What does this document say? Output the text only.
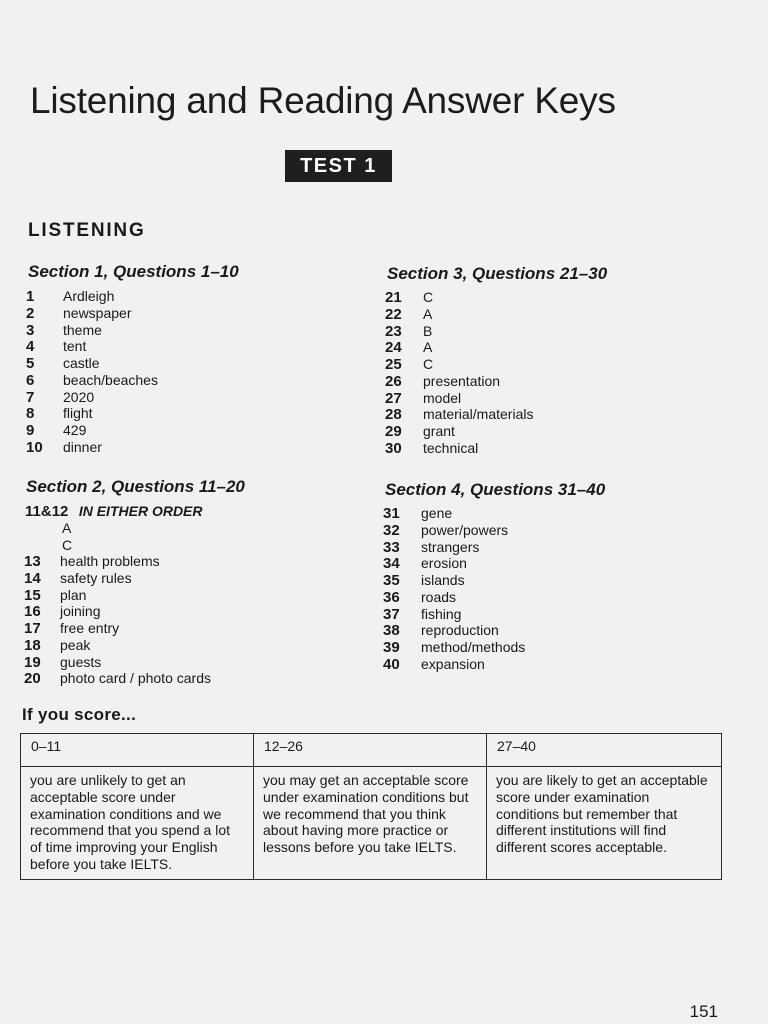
Listening and Reading Answer Keys
TEST 1
LISTENING
Section 1, Questions 1–10
1	Ardleigh
2	newspaper
3	theme
4	tent
5	castle
6	beach/beaches
7	2020
8	flight
9	429
10	dinner
Section 2, Questions 11–20
11&12 IN EITHER ORDER
A
C
13	health problems
14	safety rules
15	plan
16	joining
17	free entry
18	peak
19	guests
20	photo card / photo cards
Section 3, Questions 21–30
21	C
22	A
23	B
24	A
25	C
26	presentation
27	model
28	material/materials
29	grant
30	technical
Section 4, Questions 31–40
31	gene
32	power/powers
33	strangers
34	erosion
35	islands
36	roads
37	fishing
38	reproduction
39	method/methods
40	expansion
If you score...
0–11	12–26	27–40
you are unlikely to get an acceptable score under examination conditions and we recommend that you spend a lot of time improving your English before you take IELTS.	you may get an acceptable score under examination conditions but we recommend that you think about having more practice or lessons before you take IELTS.	you are likely to get an acceptable score under examination conditions but remember that different institutions will find different scores acceptable.
151
